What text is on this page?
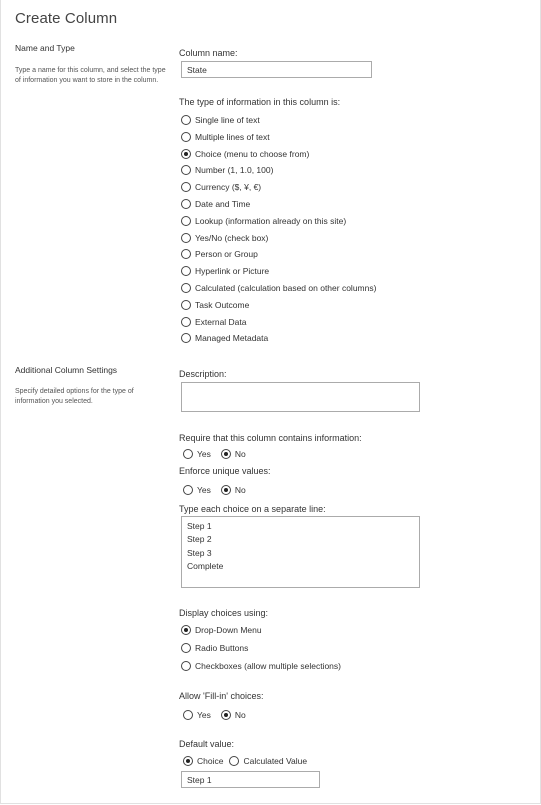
Create Column
Name and Type
Type a name for this column, and select the type of information you want to store in the column.
Column name:
State
The type of information in this column is:
Single line of text
Multiple lines of text
Choice (menu to choose from)
Number (1, 1.0, 100)
Currency ($, ¥, €)
Date and Time
Lookup (information already on this site)
Yes/No (check box)
Person or Group
Hyperlink or Picture
Calculated (calculation based on other columns)
Task Outcome
External Data
Managed Metadata
Additional Column Settings
Specify detailed options for the type of information you selected.
Description:
Require that this column contains information:
Yes	No
Enforce unique values:
Yes	No
Type each choice on a separate line:
Step 1 Step 2 Step 3 Complete
Display choices using:
Drop-Down Menu
Radio Buttons
Checkboxes (allow multiple selections)
Allow 'Fill-in' choices:
Yes	No
Default value:
Choice Calculated Value
Step 1
